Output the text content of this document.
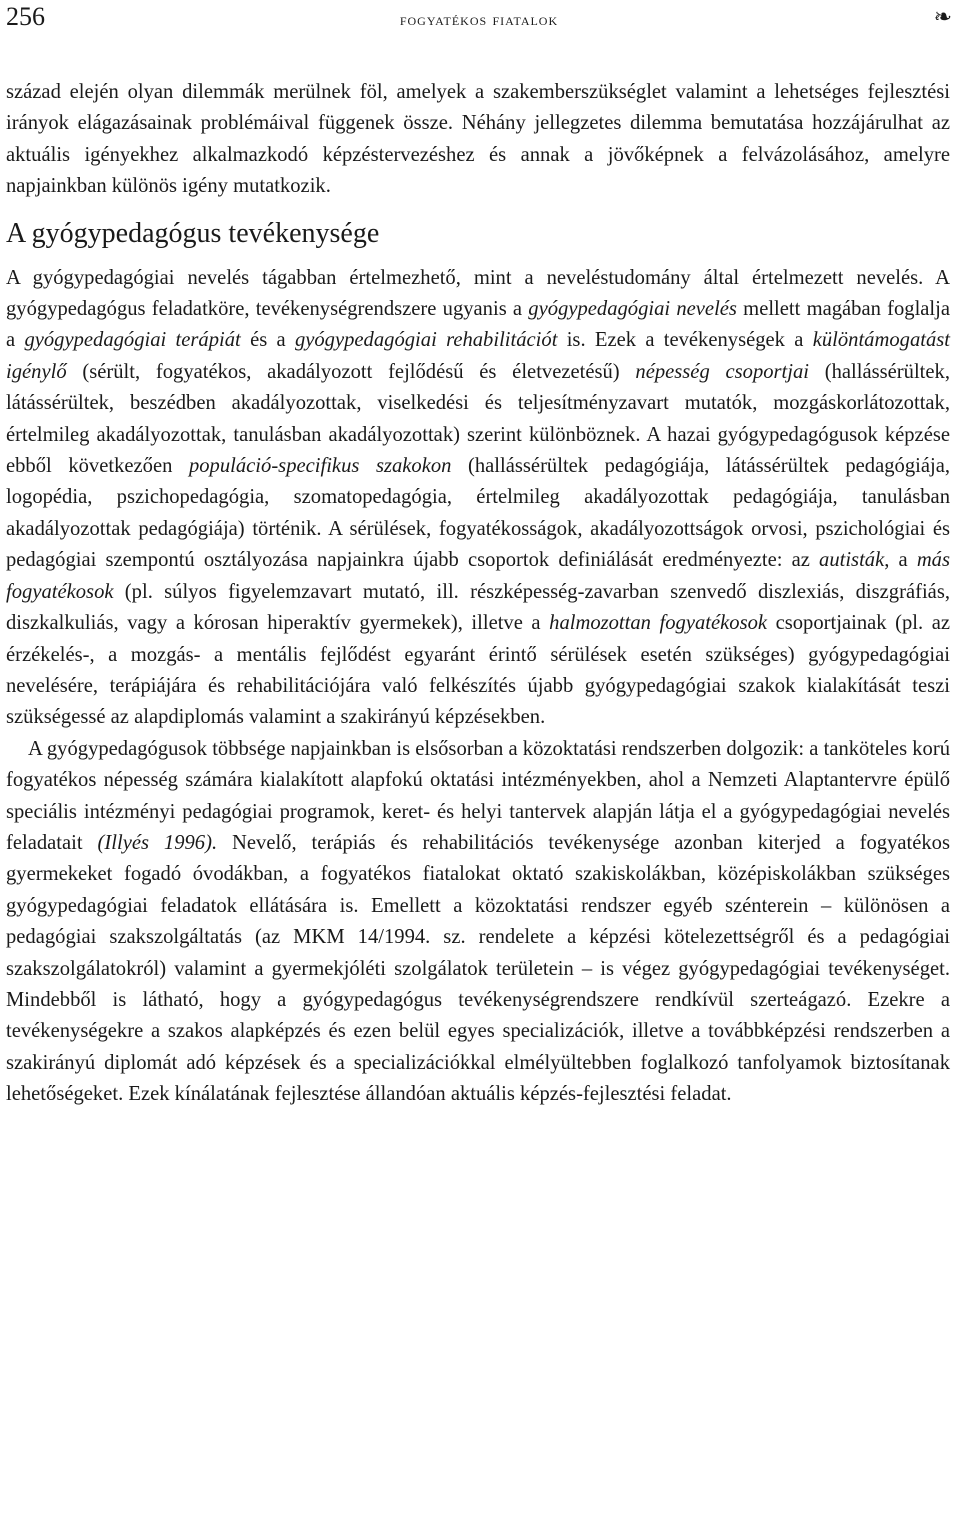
256	fogyatékos fiatalok	❧

század elején olyan dilemmák merülnek föl, amelyek a szakemberszükséglet valamint a lehetséges fejlesztési irányok elágazásainak problémáival függenek össze. Néhány jellegzetes dilemma bemutatása hozzájárulhat az aktuális igényekhez alkalmazkodó képzéstervezéshez és annak a jövőképnek a felvázolásához, amelyre napjainkban különös igény mutatkozik.

A gyógypedagógus tevékenysége

A gyógypedagógiai nevelés tágabban értelmezhető, mint a neveléstudomány által értelmezett nevelés. A gyógypedagógus feladatköre, tevékenységrendszere ugyanis a gyógypedagógiai nevelés mellett magában foglalja a gyógypedagógiai terápiát és a gyógypedagógiai rehabilitációt is. Ezek a tevékenységek a különtámogatást igénylő (sérült, fogyatékos, akadályozott fejlődésű és életvezetésű) népesség csoportjai (hallássérültek, látássérültek, beszédben akadályozottak, viselkedési és teljesítményzavart mutatók, mozgáskorlátozottak, értelmileg akadályozottak, tanulásban akadályozottak) szerint különböznek. A hazai gyógypedagógusok képzése ebből következően populáció-specifikus szakokon (hallássérültek pedagógiája, látássérültek pedagógiája, logopédia, pszichopedagógia, szomatopedagógia, értelmileg akadályozottak pedagógiája, tanulásban akadályozottak pedagógiája) történik. A sérülések, fogyatékosságok, akadályozottságok orvosi, pszichológiai és pedagógiai szempontú osztályozása napjainkra újabb csoportok definiálását eredményezte: az autisták, a más fogyatékosok (pl. súlyos figyelemzavart mutató, ill. részképesség-zavarban szenvedő diszlexiás, diszgráfiás, diszkalkuliás, vagy a kórosan hiperaktív gyermekek), illetve a halmozottan fogyatékosok csoportjainak (pl. az érzékelés-, a mozgás- a mentális fejlődést egyaránt érintő sérülések esetén szükséges) gyógypedagógiai nevelésére, terápiájára és rehabilitációjára való felkészítés újabb gyógypedagógiai szakok kialakítását teszi szükségessé az alapdiplomás valamint a szakirányú képzésekben.

A gyógypedagógusok többsége napjainkban is elsősorban a közoktatási rendszerben dolgozik: a tanköteles korú fogyatékos népesség számára kialakított alapfokú oktatási intézményekben, ahol a Nemzeti Alaptantervre épülő speciális intézményi pedagógiai programok, keret- és helyi tantervek alapján látja el a gyógypedagógiai nevelés feladatait (Illyés 1996). Nevelő, terápiás és rehabilitációs tevékenysége azonban kiterjed a fogyatékos gyermekeket fogadó óvodákban, a fogyatékos fiatalokat oktató szakiskolákban, középiskolákban szükséges gyógypedagógiai feladatok ellátására is. Emellett a közoktatási rendszer egyéb szénterein – különösen a pedagógiai szakszolgáltatás (az MKM 14/1994. sz. rendelete a képzési kötelezettségről és a pedagógiai szakszolgálatokról) valamint a gyermekjóléti szolgálatok területein – is végez gyógypedagógiai tevékenységet. Mindebből is látható, hogy a gyógypedagógus tevékenységrendszere rendkívül szerteágazó. Ezekre a tevékenységekre a szakos alapképzés és ezen belül egyes specializációk, illetve a továbbképzési rendszerben a szakirányú diplomát adó képzések és a specializációkkal elmélyültebben foglalkozó tanfolyamok biztosítanak lehetőségeket. Ezek kínálatának fejlesztése állandóan aktuális képzés-fejlesztési feladat.
